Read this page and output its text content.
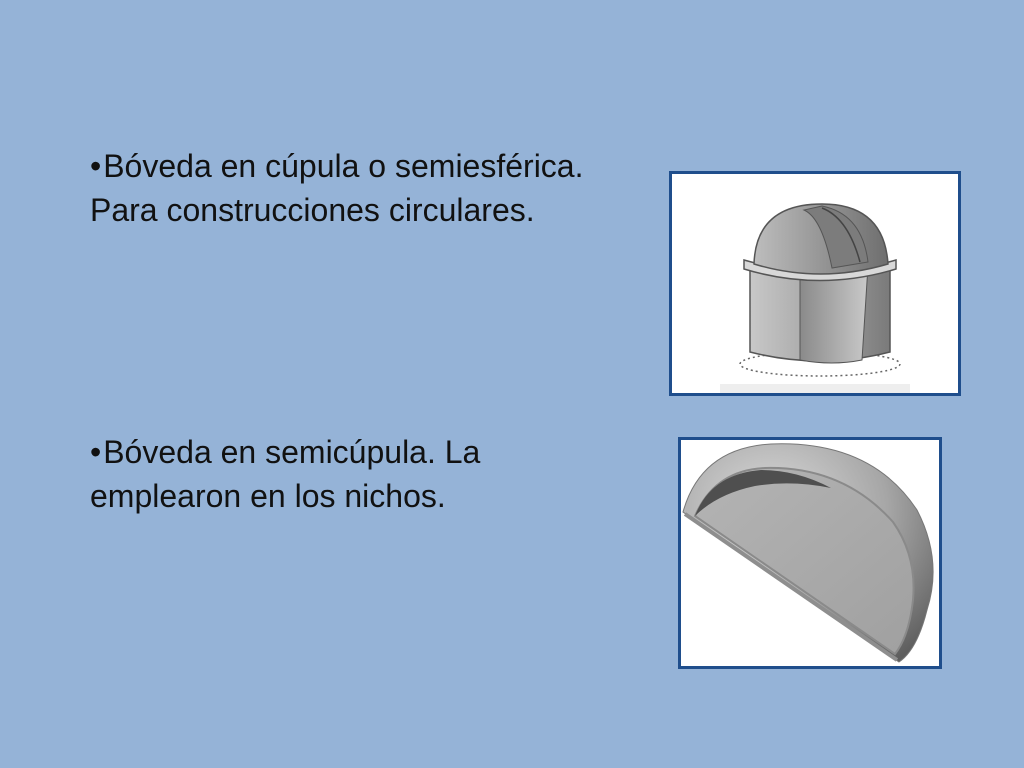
•Bóveda en cúpula o semiesférica.
Para construcciones circulares.
•Bóveda en semicúpula. La
emplearon en los nichos.
